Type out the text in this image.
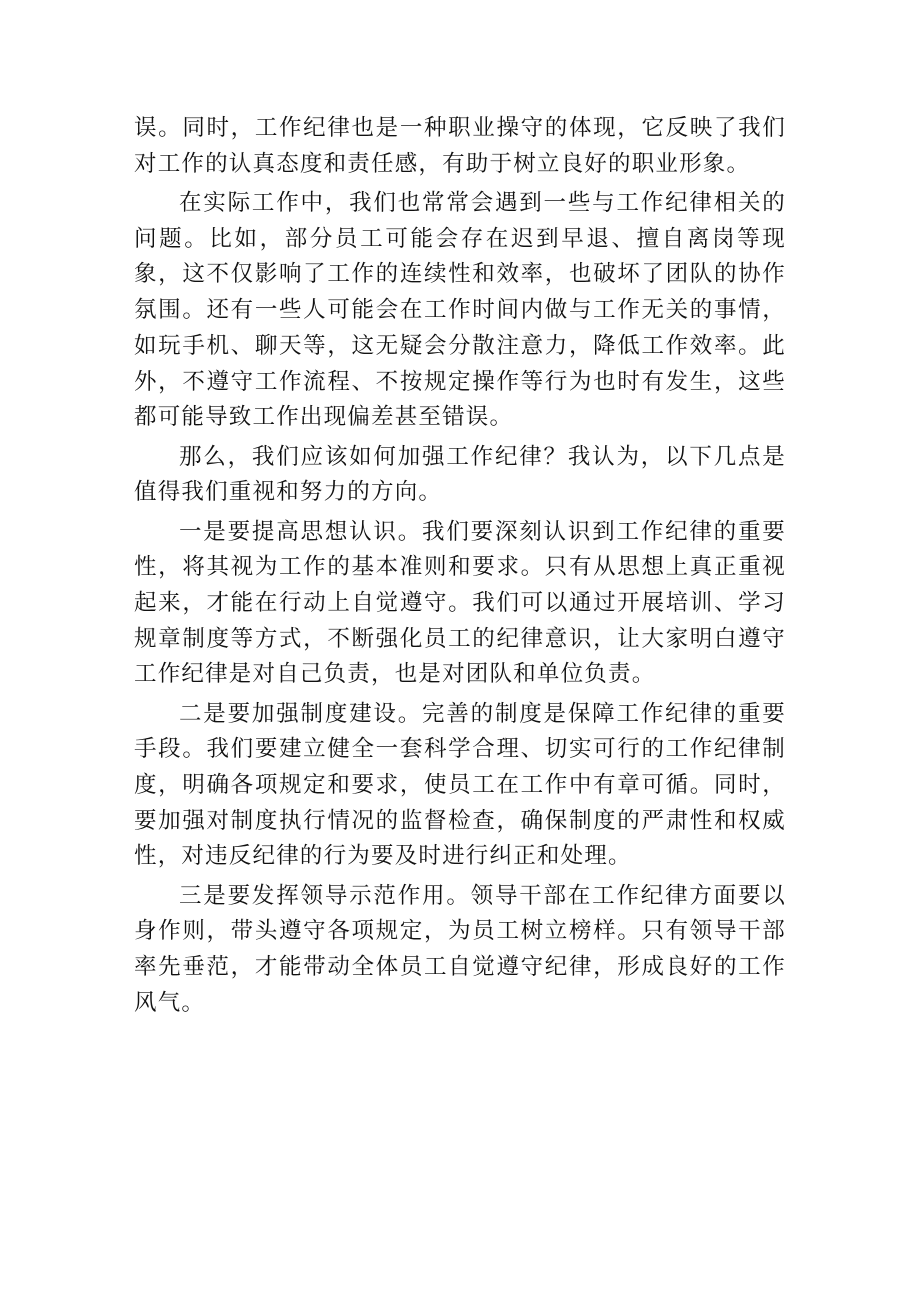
误。同时，工作纪律也是一种职业操守的体现，它反映了我们对工作的认真态度和责任感，有助于树立良好的职业形象。

在实际工作中，我们也常常会遇到一些与工作纪律相关的问题。比如，部分员工可能会存在迟到早退、擅自离岗等现象，这不仅影响了工作的连续性和效率，也破坏了团队的协作氛围。还有一些人可能会在工作时间内做与工作无关的事情，如玩手机、聊天等，这无疑会分散注意力，降低工作效率。此外，不遵守工作流程、不按规定操作等行为也时有发生，这些都可能导致工作出现偏差甚至错误。

那么，我们应该如何加强工作纪律？我认为，以下几点是值得我们重视和努力的方向。

一是要提高思想认识。我们要深刻认识到工作纪律的重要性，将其视为工作的基本准则和要求。只有从思想上真正重视起来，才能在行动上自觉遵守。我们可以通过开展培训、学习规章制度等方式，不断强化员工的纪律意识，让大家明白遵守工作纪律是对自己负责，也是对团队和单位负责。

二是要加强制度建设。完善的制度是保障工作纪律的重要手段。我们要建立健全一套科学合理、切实可行的工作纪律制度，明确各项规定和要求，使员工在工作中有章可循。同时，要加强对制度执行情况的监督检查，确保制度的严肃性和权威性，对违反纪律的行为要及时进行纠正和处理。

三是要发挥领导示范作用。领导干部在工作纪律方面要以身作则，带头遵守各项规定，为员工树立榜样。只有领导干部率先垂范，才能带动全体员工自觉遵守纪律，形成良好的工作风气。
